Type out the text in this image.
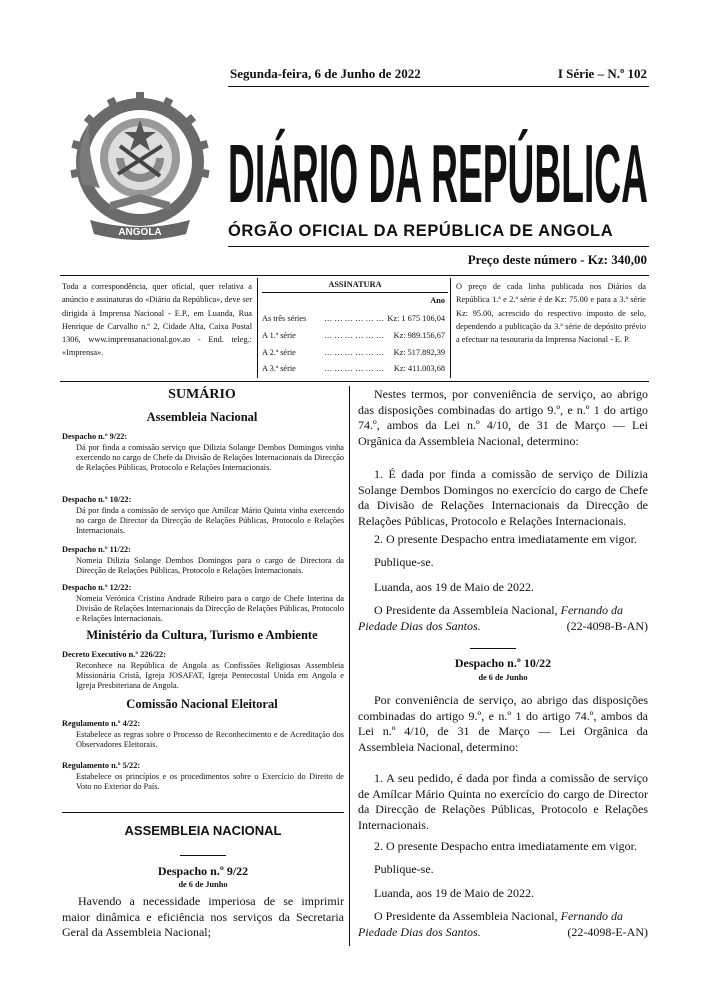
Segunda-feira, 6 de Junho de 2022	I Série – N.º 102
ANGOLA
DIÁRIO DA REPÚBLICA
ÓRGÃO OFICIAL DA REPÚBLICA DE ANGOLA
Preço deste número - Kz: 340,00
Toda a correspondência, quer oficial, quer relativa a anúncio e assinaturas do «Diário da República», deve ser dirigida à Imprensa Nacional - E.P., em Luanda, Rua Henrique de Carvalho n.º 2, Cidade Alta, Caixa Postal 1306, www.imprensanacional.gov.ao - End. teleg.: «Imprensa».
ASSINATURA
Ano
As três séries … … … … … … Kz: 1 675 106,04
A 1.ª série	… … … … … … Kz: 989.156,67
A 2.ª série	… … … … … … Kz: 517.892,39
A 3.ª série	… … … … … … Kz: 411.003,68
O preço de cada linha publicada nos Diários da República 1.ª e 2.ª série é de Kz: 75.00 e para a 3.ª série Kz: 95.00, acrescido do respectivo imposto de selo, dependendo a publicação da 3.ª série de depósito prévio a efectuar na tesouraria da Imprensa Nacional - E. P.
SUMÁRIO
Assembleia Nacional
Despacho n.º 9/22:
Dá por finda a comissão serviço que Dilizia Solange Dembos Domingos vinha exercendo no cargo de Chefe da Divisão de Relações Internacionais da Direcção de Relações Públicas, Protocolo e Relações Internacionais.
Despacho n.º 10/22:
Dá por finda a comissão de serviço que Amílcar Mário Quinta vinha exercendo no cargo de Director da Direcção de Relações Públicas, Protocolo e Relações Internacionais.
Despacho n.º 11/22:
Nomeia Dilizia Solange Dembos Domingos para o cargo de Directora da Direcção de Relações Públicas, Protocolo e Relações Internacionais.
Despacho n.º 12/22:
Nomeia Verónica Cristina Andrade Ribeiro para o cargo de Chefe Interina da Divisão de Relações Internacionais da Direcção de Relações Públicas, Protocolo e Relações Internacionais.
Ministério da Cultura, Turismo e Ambiente
Decreto Executivo n.º 226/22:
Reconhece na República de Angola as Confissões Religiosas Assembleia Missionária Cristã, Igreja JOSAFAT, Igreja Pentecostal Unida em Angola e Igreja Presbiteriana de Angola.
Comissão Nacional Eleitoral
Regulamento n.º 4/22:
Estabelece as regras sobre o Processo de Reconhecimento e de Acreditação dos Observadores Eleitorais.
Regulamento n.º 5/22:
Estabelece os princípios e os procedimentos sobre o Exercício do Direito de Voto no Exterior do País.
ASSEMBLEIA NACIONAL
Despacho n.º 9/22
de 6 de Junho
Havendo a necessidade imperiosa de se imprimir maior dinâmica e eficiência nos serviços da Secretaria Geral da Assembleia Nacional;
Nestes termos, por conveniência de serviço, ao abrigo das disposições combinadas do artigo 9.º, e n.º 1 do artigo 74.º, ambos da Lei n.º 4/10, de 31 de Março — Lei Orgânica da Assembleia Nacional, determino:
1. É dada por finda a comissão de serviço de Dilizia Solange Dembos Domingos no exercício do cargo de Chefe da Divisão de Relações Internacionais da Direcção de Relações Públicas, Protocolo e Relações Internacionais.
2. O presente Despacho entra imediatamente em vigor.
Publique-se.
Luanda, aos 19 de Maio de 2022.
O Presidente da Assembleia Nacional, Fernando da Piedade Dias dos Santos.	(22-4098-B-AN)
Despacho n.º 10/22
de 6 de Junho
Por conveniência de serviço, ao abrigo das disposições combinadas do artigo 9.º, e n.º 1 do artigo 74.º, ambos da Lei n.º 4/10, de 31 de Março — Lei Orgânica da Assembleia Nacional, determino:
1. A seu pedido, é dada por finda a comissão de serviço de Amílcar Mário Quinta no exercício do cargo de Director da Direcção de Relações Públicas, Protocolo e Relações Internacionais.
2. O presente Despacho entra imediatamente em vigor.
Publique-se.
Luanda, aos 19 de Maio de 2022.
O Presidente da Assembleia Nacional, Fernando da Piedade Dias dos Santos.	(22-4098-E-AN)
